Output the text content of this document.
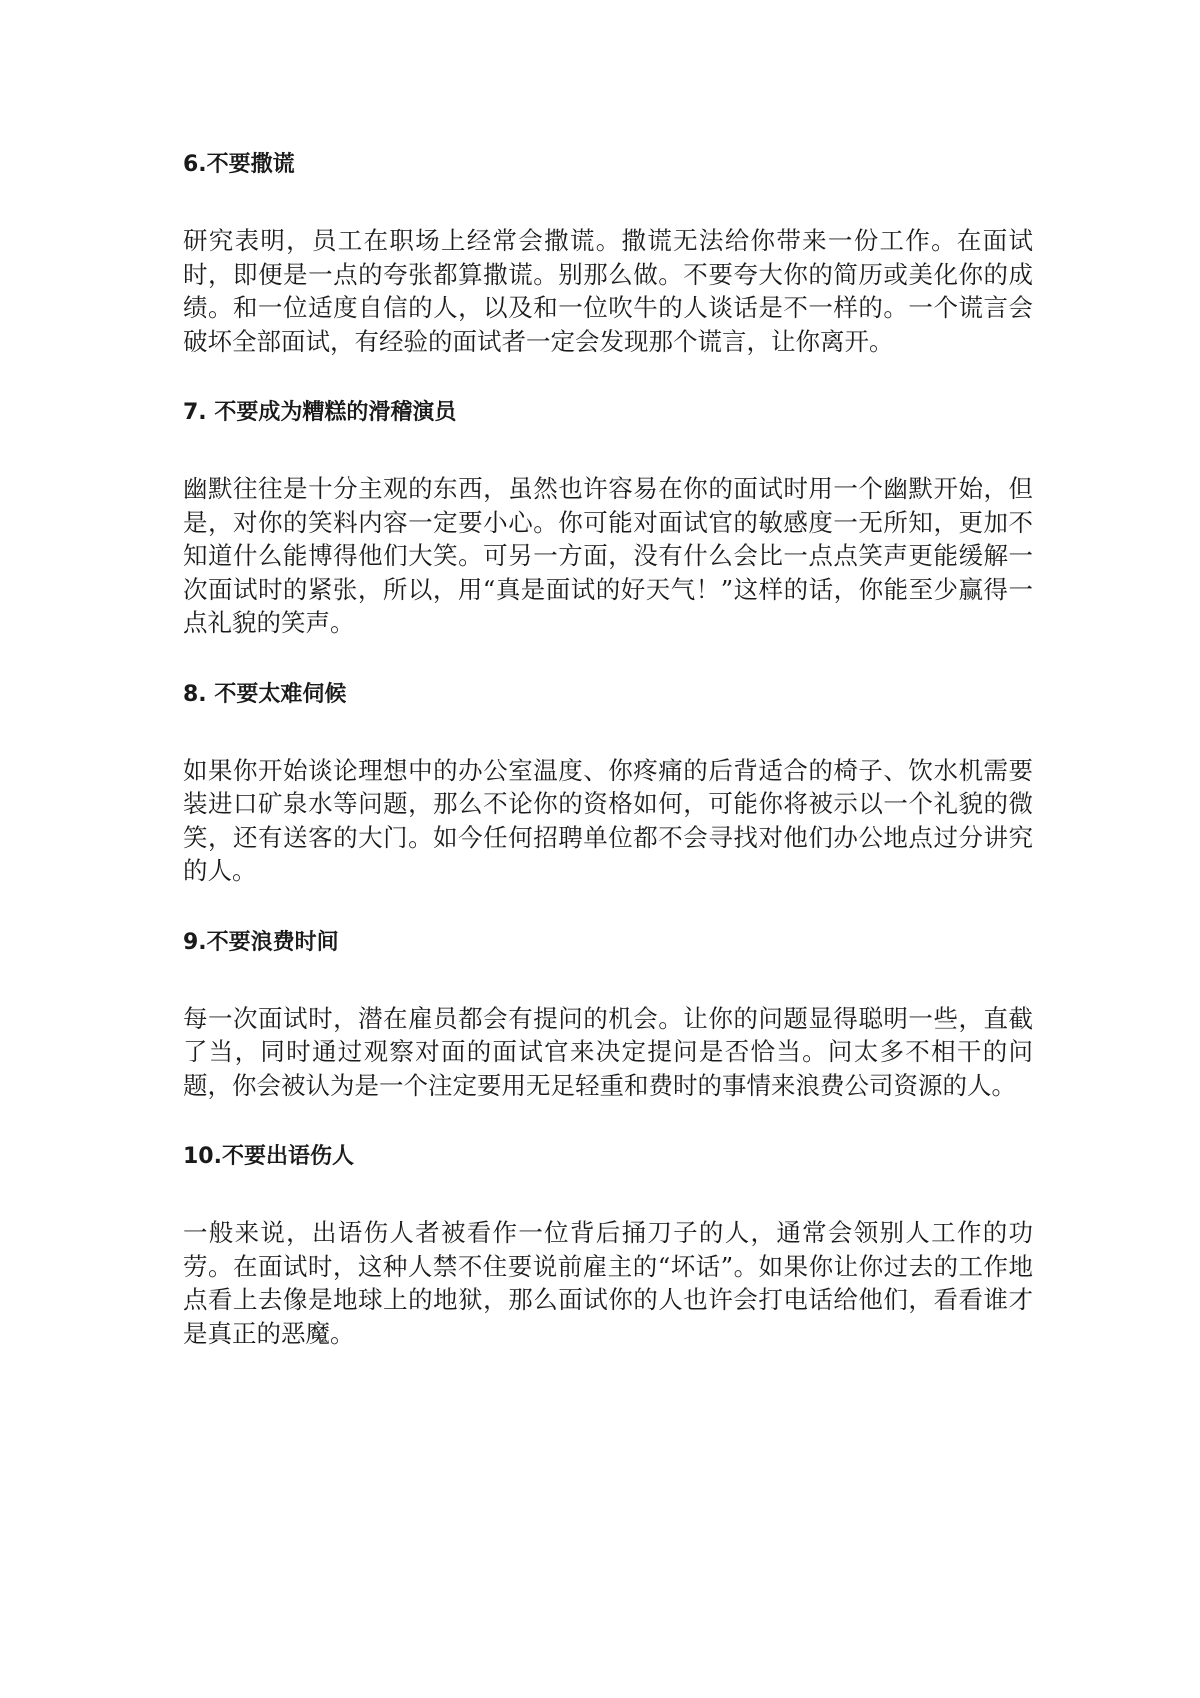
6.不要撒谎

研究表明，员工在职场上经常会撒谎。撒谎无法给你带来一份工作。在面试时，即便是一点的夸张都算撒谎。别那么做。不要夸大你的简历或美化你的成绩。和一位适度自信的人，以及和一位吹牛的人谈话是不一样的。一个谎言会破坏全部面试，有经验的面试者一定会发现那个谎言，让你离开。

7. 不要成为糟糕的滑稽演员

幽默往往是十分主观的东西，虽然也许容易在你的面试时用一个幽默开始，但是，对你的笑料内容一定要小心。你可能对面试官的敏感度一无所知，更加不知道什么能博得他们大笑。可另一方面，没有什么会比一点点笑声更能缓解一次面试时的紧张，所以，用“真是面试的好天气！”这样的话，你能至少赢得一点礼貌的笑声。

8. 不要太难伺候

如果你开始谈论理想中的办公室温度、你疼痛的后背适合的椅子、饮水机需要装进口矿泉水等问题，那么不论你的资格如何，可能你将被示以一个礼貌的微笑，还有送客的大门。如今任何招聘单位都不会寻找对他们办公地点过分讲究的人。

9.不要浪费时间

每一次面试时，潜在雇员都会有提问的机会。让你的问题显得聪明一些，直截了当，同时通过观察对面的面试官来决定提问是否恰当。问太多不相干的问题，你会被认为是一个注定要用无足轻重和费时的事情来浪费公司资源的人。

10.不要出语伤人

一般来说，出语伤人者被看作一位背后捅刀子的人，通常会领别人工作的功劳。在面试时，这种人禁不住要说前雇主的“坏话”。如果你让你过去的工作地点看上去像是地球上的地狱，那么面试你的人也许会打电话给他们，看看谁才是真正的恶魔。
